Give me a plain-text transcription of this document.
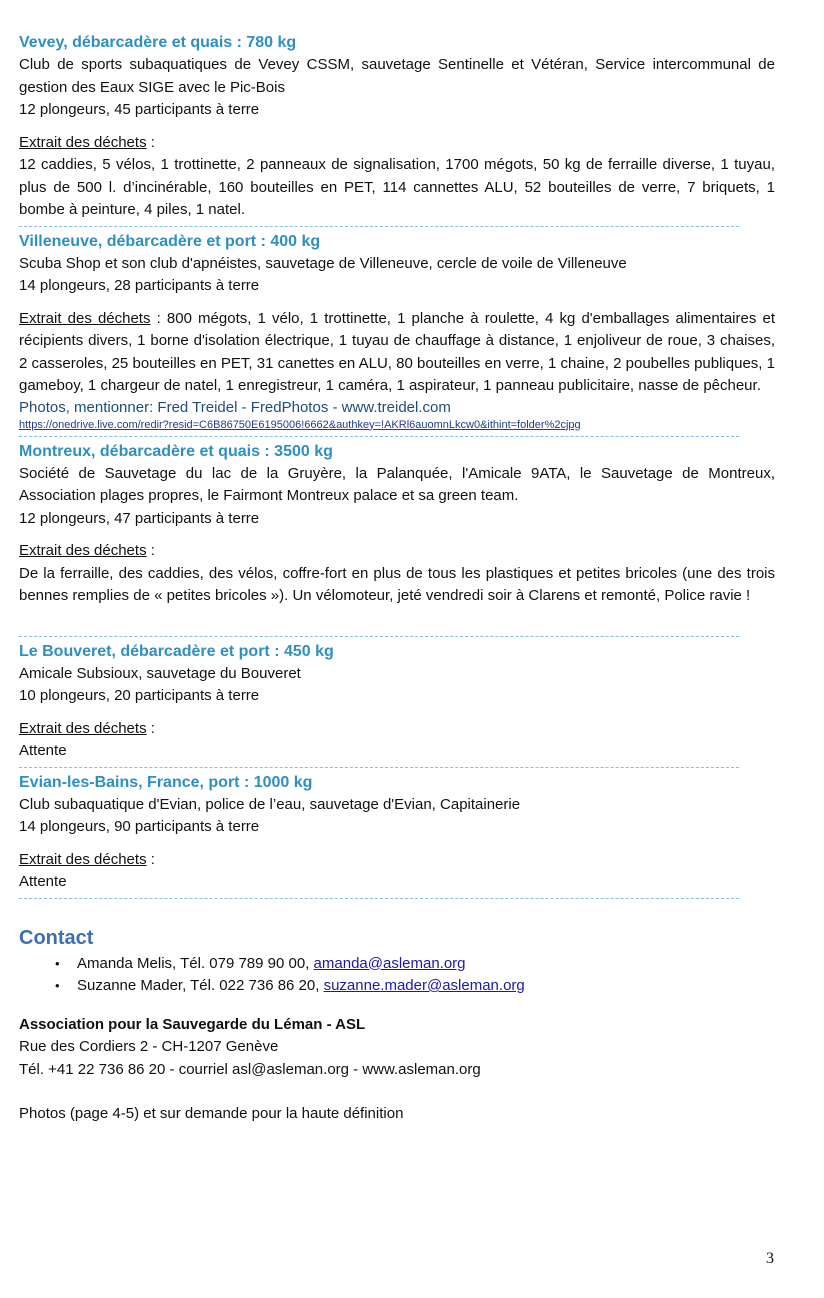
Vevey, débarcadère et quais : 780 kg

Club de sports subaquatiques de Vevey CSSM, sauvetage Sentinelle et Vétéran, Service intercommunal de gestion des Eaux SIGE avec le Pic-Bois

12 plongeurs, 45 participants à terre

Extrait des déchets :

12 caddies, 5 vélos, 1 trottinette, 2 panneaux de signalisation, 1700 mégots, 50 kg de ferraille diverse, 1 tuyau, plus de 500 l. d’incinérable, 160 bouteilles en PET, 114 cannettes ALU, 52 bouteilles de verre, 7 briquets, 1 bombe à peinture, 4 piles, 1 natel.

Villeneuve, débarcadère et port : 400 kg

Scuba Shop et son club d'apnéistes, sauvetage de Villeneuve, cercle de voile de Villeneuve

14 plongeurs, 28 participants à terre

Extrait des déchets : 800 mégots, 1 vélo, 1 trottinette, 1 planche à roulette, 4 kg d'emballages alimentaires et récipients divers, 1 borne d'isolation électrique, 1 tuyau de chauffage à distance, 1 enjoliveur de roue, 3 chaises, 2 casseroles, 25 bouteilles en PET, 31 canettes en ALU, 80 bouteilles en verre, 1 chaine, 2 poubelles publiques, 1 gameboy, 1 chargeur de natel, 1 enregistreur, 1 caméra, 1 aspirateur, 1 panneau publicitaire, nasse de pêcheur.

Photos, mentionner: Fred Treidel - FredPhotos - www.treidel.com

https://onedrive.live.com/redir?resid=C6B86750E6195006!6662&authkey=!AKRl6auomnLkcw0&ithint=folder%2cjpg

Montreux, débarcadère et quais : 3500 kg

Société de Sauvetage du lac de la Gruyère, la Palanquée, l'Amicale 9ATA, le Sauvetage de Montreux, Association plages propres, le Fairmont Montreux palace et sa green team.

12 plongeurs, 47 participants à terre

Extrait des déchets :

De la ferraille, des caddies, des vélos, coffre-fort en plus de tous les plastiques et petites bricoles (une des trois bennes remplies de « petites bricoles »). Un vélomoteur, jeté vendredi soir à Clarens et remonté, Police ravie !

Le Bouveret, débarcadère et port : 450 kg

Amicale Subsioux, sauvetage du Bouveret

10 plongeurs, 20 participants à terre

Extrait des déchets :

Attente

Evian-les-Bains, France, port : 1000 kg

Club subaquatique d'Evian, police de l’eau, sauvetage d'Evian, Capitainerie

14 plongeurs, 90 participants à terre

Extrait des déchets :

Attente

Contact

• Amanda Melis, Tél. 079 789 90 00, amanda@asleman.org
• Suzanne Mader, Tél. 022 736 86 20, suzanne.mader@asleman.org

Association pour la Sauvegarde du Léman - ASL

Rue des Cordiers 2 - CH-1207 Genève

Tél. +41 22 736 86 20 - courriel asl@asleman.org - www.asleman.org

Photos (page 4-5) et sur demande pour la haute définition

3
